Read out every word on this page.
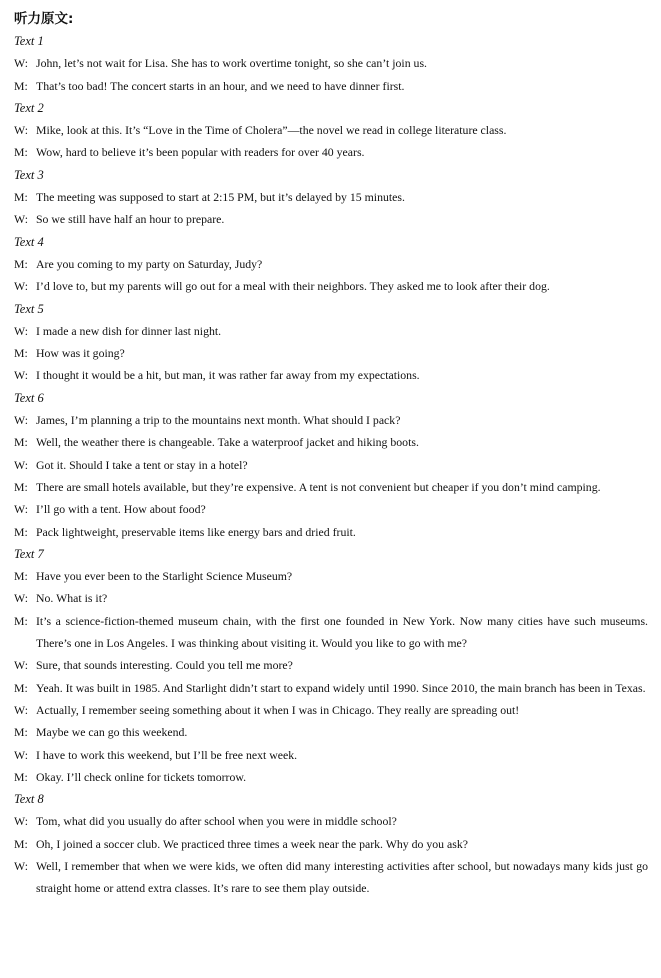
听力原文:
Text 1
W: John, let’s not wait for Lisa. She has to work overtime tonight, so she can’t join us.
M: That’s too bad! The concert starts in an hour, and we need to have dinner first.
Text 2
W: Mike, look at this. It’s “Love in the Time of Cholera”—the novel we read in college literature class.
M: Wow, hard to believe it’s been popular with readers for over 40 years.
Text 3
M: The meeting was supposed to start at 2:15 PM, but it’s delayed by 15 minutes.
W: So we still have half an hour to prepare.
Text 4
M: Are you coming to my party on Saturday, Judy?
W: I’d love to, but my parents will go out for a meal with their neighbors. They asked me to look after their dog.
Text 5
W: I made a new dish for dinner last night.
M: How was it going?
W: I thought it would be a hit, but man, it was rather far away from my expectations.
Text 6
W: James, I’m planning a trip to the mountains next month. What should I pack?
M: Well, the weather there is changeable. Take a waterproof jacket and hiking boots.
W: Got it. Should I take a tent or stay in a hotel?
M: There are small hotels available, but they’re expensive. A tent is not convenient but cheaper if you don’t mind camping.
W: I’ll go with a tent. How about food?
M: Pack lightweight, preservable items like energy bars and dried fruit.
Text 7
M: Have you ever been to the Starlight Science Museum?
W: No. What is it?
M: It’s a science-fiction-themed museum chain, with the first one founded in New York. Now many cities have such museums. There’s one in Los Angeles. I was thinking about visiting it. Would you like to go with me?
W: Sure, that sounds interesting. Could you tell me more?
M: Yeah. It was built in 1985. And Starlight didn’t start to expand widely until 1990. Since 2010, the main branch has been in Texas.
W: Actually, I remember seeing something about it when I was in Chicago. They really are spreading out!
M: Maybe we can go this weekend.
W: I have to work this weekend, but I’ll be free next week.
M: Okay. I’ll check online for tickets tomorrow.
Text 8
W: Tom, what did you usually do after school when you were in middle school?
M: Oh, I joined a soccer club. We practiced three times a week near the park. Why do you ask?
W: Well, I remember that when we were kids, we often did many interesting activities after school, but nowadays many kids just go straight home or attend extra classes. It’s rare to see them play outside.
